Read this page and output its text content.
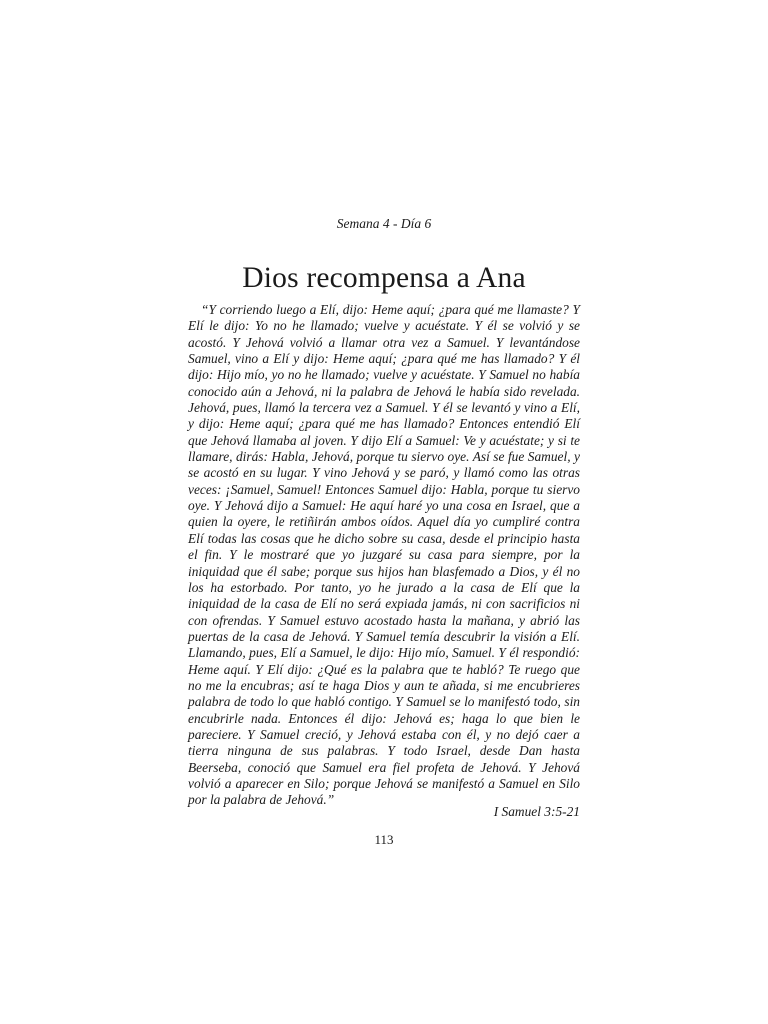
Semana 4 - Día 6
Dios recompensa a Ana

“Y corriendo luego a Elí, dijo: Heme aquí; ¿para qué me llamaste? Y Elí le dijo: Yo no he llamado; vuelve y acuéstate. Y él se volvió y se acostó. Y Jehová volvió a llamar otra vez a Samuel. Y levantándose Samuel, vino a Elí y dijo: Heme aquí; ¿para qué me has llamado? Y él dijo: Hijo mío, yo no he llamado; vuelve y acuéstate. Y Samuel no había conocido aún a Jehová, ni la palabra de Jehová le había sido revelada. Jehová, pues, llamó la tercera vez a Samuel. Y él se levantó y vino a Elí, y dijo: Heme aquí; ¿para qué me has llamado? Entonces entendió Elí que Jehová llamaba al joven. Y dijo Elí a Samuel: Ve y acuéstate; y si te llamare, dirás: Habla, Jehová, porque tu siervo oye. Así se fue Samuel, y se acostó en su lugar. Y vino Jehová y se paró, y llamó como las otras veces: ¡Samuel, Samuel! Entonces Samuel dijo: Habla, porque tu siervo oye. Y Jehová dijo a Samuel: He aquí haré yo una cosa en Israel, que a quien la oyere, le retiñirán ambos oídos. Aquel día yo cumpliré contra Elí todas las cosas que he dicho sobre su casa, desde el principio hasta el fin. Y le mostraré que yo juzgaré su casa para siempre, por la iniquidad que él sabe; porque sus hijos han blasfemado a Dios, y él no los ha estorbado. Por tanto, yo he jurado a la casa de Elí que la iniquidad de la casa de Elí no será expiada jamás, ni con sacrificios ni con ofrendas. Y Samuel estuvo acostado hasta la mañana, y abrió las puertas de la casa de Jehová. Y Samuel temía descubrir la visión a Elí. Llamando, pues, Elí a Samuel, le dijo: Hijo mío, Samuel. Y él respondió: Heme aquí. Y Elí dijo: ¿Qué es la palabra que te habló? Te ruego que no me la encubras; así te haga Dios y aun te añada, si me encubrieres palabra de todo lo que habló contigo. Y Samuel se lo manifestó todo, sin encubrirle nada. Entonces él dijo: Jehová es; haga lo que bien le pareciere. Y Samuel creció, y Jehová estaba con él, y no dejó caer a tierra ninguna de sus palabras. Y todo Israel, desde Dan hasta Beerseba, conoció que Samuel era fiel profeta de Jehová. Y Jehová volvió a aparecer en Silo; porque Jehová se manifestó a Samuel en Silo por la palabra de Jehová.”

I Samuel 3:5-21
113
